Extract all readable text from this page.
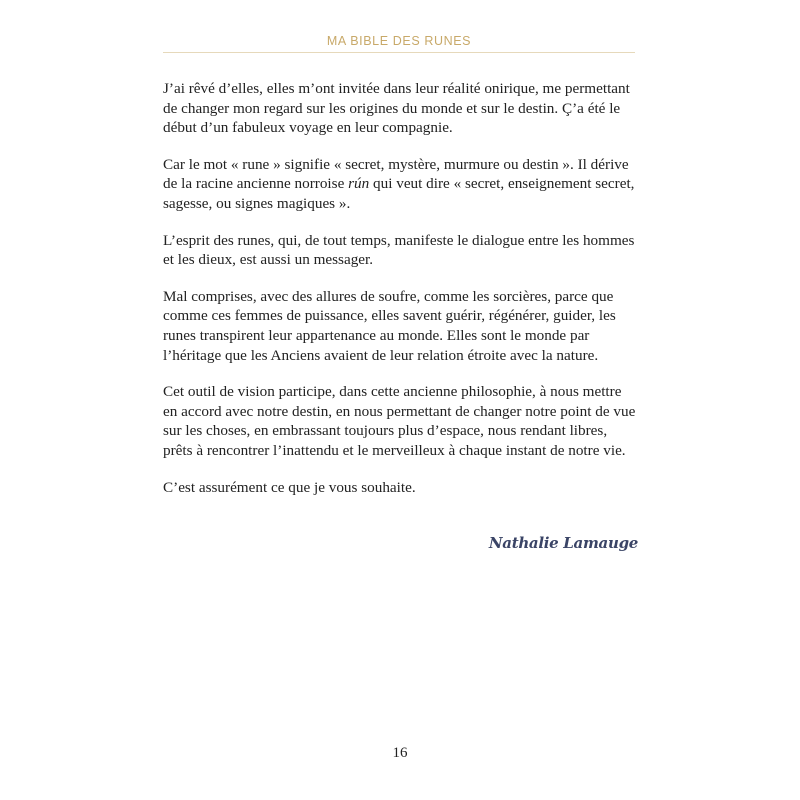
MA BIBLE DES RUNES

J’ai rêvé d’elles, elles m’ont invitée dans leur réalité onirique, me permettant de changer mon regard sur les origines du monde et sur le destin. Ç’a été le début d’un fabuleux voyage en leur compagnie.

Car le mot « rune » signifie « secret, mystère, murmure ou destin ». Il dérive de la racine ancienne norroise rún qui veut dire « secret, enseignement secret, sagesse, ou signes magiques ».

L’esprit des runes, qui, de tout temps, manifeste le dialogue entre les hommes et les dieux, est aussi un messager.

Mal comprises, avec des allures de soufre, comme les sorcières, parce que comme ces femmes de puissance, elles savent guérir, régénérer, guider, les runes transpirent leur appartenance au monde. Elles sont le monde par l’héritage que les Anciens avaient de leur relation étroite avec la nature.

Cet outil de vision participe, dans cette ancienne philosophie, à nous mettre en accord avec notre destin, en nous permettant de changer notre point de vue sur les choses, en embrassant toujours plus d’espace, nous rendant libres, prêts à rencontrer l’inattendu et le merveilleux à chaque instant de notre vie.

C’est assurément ce que je vous souhaite.

Nathalie Lamauge
16
